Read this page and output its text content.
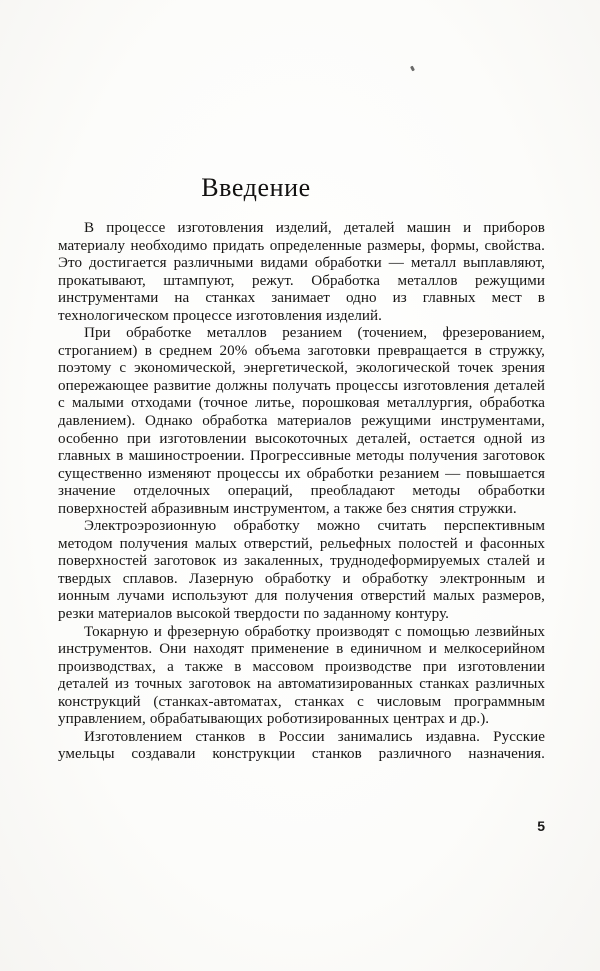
Введение

В процессе изготовления изделий, деталей машин и приборов материалу необходимо придать определенные размеры, формы, свойства. Это достигается различными видами обработки — металл выплавляют, прокатывают, штампуют, режут. Обработка металлов режущими инструментами на станках занимает одно из главных мест в технологическом процессе изготовления изделий.

При обработке металлов резанием (точением, фрезерованием, строганием) в среднем 20% объема заготовки превращается в стружку, поэтому с экономической, энергетической, экологической точек зрения опережающее развитие должны получать процессы изготовления деталей с малыми отходами (точное литье, порошковая металлургия, обработка давлением). Однако обработка материалов режущими инструментами, особенно при изготовлении высокоточных деталей, остается одной из главных в машиностроении. Прогрессивные методы получения заготовок существенно изменяют процессы их обработки резанием — повышается значение отделочных операций, преобладают методы обработки поверхностей абразивным инструментом, а также без снятия стружки.

Электроэрозионную обработку можно считать перспективным методом получения малых отверстий, рельефных полостей и фасонных поверхностей заготовок из закаленных, труднодеформируемых сталей и твердых сплавов. Лазерную обработку и обработку электронным и ионным лучами используют для получения отверстий малых размеров, резки материалов высокой твердости по заданному контуру.

Токарную и фрезерную обработку производят с помощью лезвийных инструментов. Они находят применение в единичном и мелкосерийном производствах, а также в массовом производстве при изготовлении деталей из точных заготовок на автоматизированных станках различных конструкций (станках-автоматах, станках с числовым программным управлением, обрабатывающих роботизированных центрах и др.).

Изготовлением станков в России занимались издавна. Русские умельцы создавали конструкции станков различного назначения.

5
